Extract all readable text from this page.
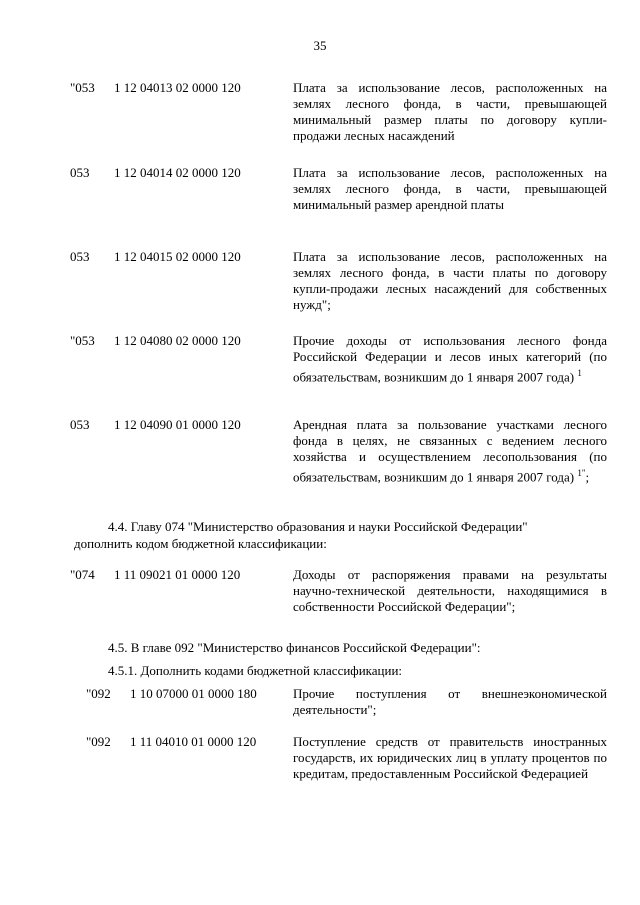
35
"053 1 12 04013 02 0000 120	Плата за использование лесов, расположенных на землях лесного фонда, в части, превышающей минимальный размер платы по договору купли-продажи лесных насаждений
053 1 12 04014 02 0000 120	Плата за использование лесов, расположенных на землях лесного фонда, в части, превышающей минимальный размер арендной платы
053 1 12 04015 02 0000 120	Плата за использование лесов, расположенных на землях лесного фонда, в части платы по договору купли-продажи лесных насаждений для собственных нужд";
"053 1 12 04080 02 0000 120	Прочие доходы от использования лесного фонда Российской Федерации и лесов иных категорий (по обязательствам, возникшим до 1 января 2007 года) $^1$
053 1 12 04090 01 0000 120	Арендная плата за пользование участками лесного фонда в целях, не связанных с ведением лесного хозяйства и осуществлением лесопользования (по обязательствам, возникшим до 1 января 2007 года) $^{1"}$;
4.4. Главу 074 "Министерство образования и науки Российской Федерации"
дополнить кодом бюджетной классификации:
"074 1 11 09021 01 0000 120	Доходы от распоряжения правами на результаты научно-технической деятельности, находящимися в собственности Российской Федерации";
4.5. В главе 092 "Министерство финансов Российской Федерации":
4.5.1. Дополнить кодами бюджетной классификации:
"092 1 10 07000 01 0000 180	Прочие поступления от внешнеэкономической деятельности";
"092 1 11 04010 01 0000 120	Поступление средств от правительств иностранных государств, их юридических лиц в уплату процентов по кредитам, предоставленным Российской Федерацией
